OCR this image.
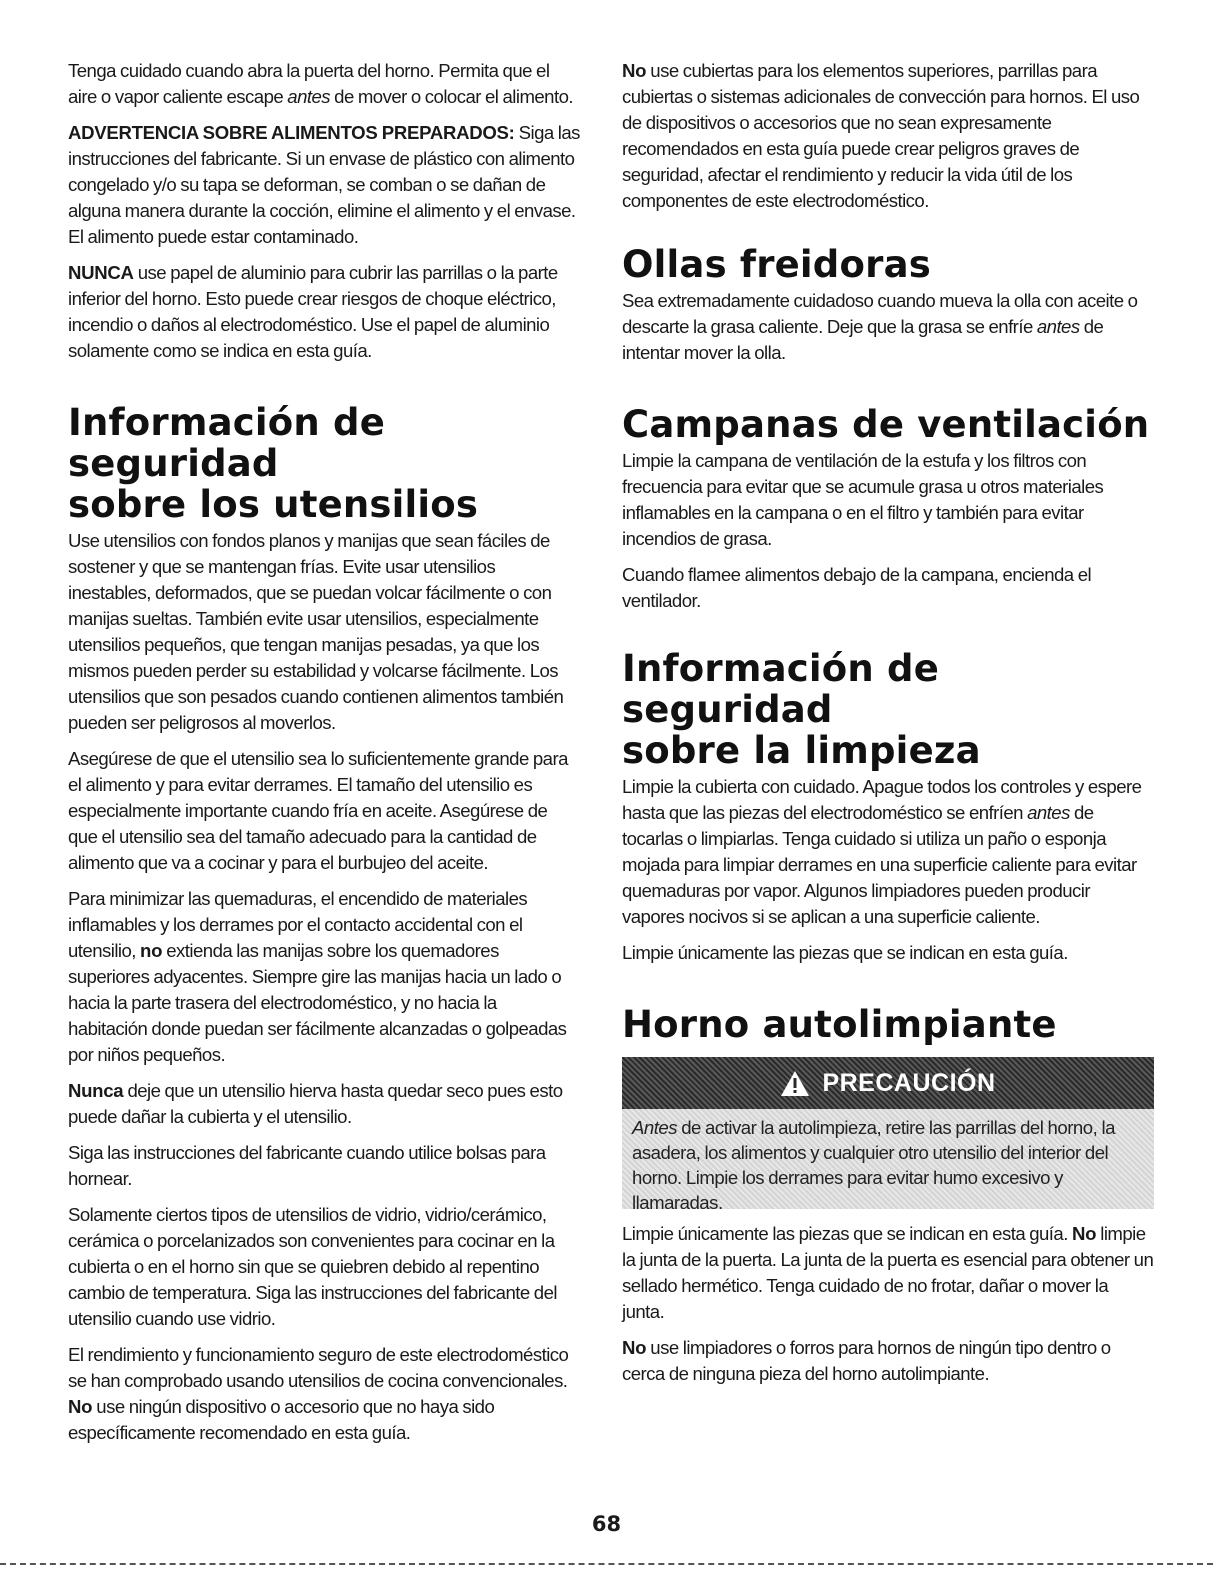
Tenga cuidado cuando abra la puerta del horno. Permita que el aire o vapor caliente escape antes de mover o colocar el alimento.

ADVERTENCIA SOBRE ALIMENTOS PREPARADOS: Siga las instrucciones del fabricante. Si un envase de plástico con alimento congelado y/o su tapa se deforman, se comban o se dañan de alguna manera durante la cocción, elimine el alimento y el envase. El alimento puede estar contaminado.

NUNCA use papel de aluminio para cubrir las parrillas o la parte inferior del horno. Esto puede crear riesgos de choque eléctrico, incendio o daños al electrodoméstico. Use el papel de aluminio solamente como se indica en esta guía.

Información de seguridad
sobre los utensilios

Use utensilios con fondos planos y manijas que sean fáciles de sostener y que se mantengan frías. Evite usar utensilios inestables, deformados, que se puedan volcar fácilmente o con manijas sueltas. También evite usar utensilios, especialmente utensilios pequeños, que tengan manijas pesadas, ya que los mismos pueden perder su estabilidad y volcarse fácilmente. Los utensilios que son pesados cuando contienen alimentos también pueden ser peligrosos al moverlos.

Asegúrese de que el utensilio sea lo suficientemente grande para el alimento y para evitar derrames. El tamaño del utensilio es especialmente importante cuando fría en aceite. Asegúrese de que el utensilio sea del tamaño adecuado para la cantidad de alimento que va a cocinar y para el burbujeo del aceite.

Para minimizar las quemaduras, el encendido de materiales inflamables y los derrames por el contacto accidental con el utensilio, no extienda las manijas sobre los quemadores superiores adyacentes. Siempre gire las manijas hacia un lado o hacia la parte trasera del electrodoméstico, y no hacia la habitación donde puedan ser fácilmente alcanzadas o golpeadas por niños pequeños.

Nunca deje que un utensilio hierva hasta quedar seco pues esto puede dañar la cubierta y el utensilio.

Siga las instrucciones del fabricante cuando utilice bolsas para hornear.

Solamente ciertos tipos de utensilios de vidrio, vidrio/cerámico, cerámica o porcelanizados son convenientes para cocinar en la cubierta o en el horno sin que se quiebren debido al repentino cambio de temperatura. Siga las instrucciones del fabricante del utensilio cuando use vidrio.

El rendimiento y funcionamiento seguro de este electrodoméstico se han comprobado usando utensilios de cocina convencionales. No use ningún dispositivo o accesorio que no haya sido específicamente recomendado en esta guía.

No use cubiertas para los elementos superiores, parrillas para cubiertas o sistemas adicionales de convección para hornos. El uso de dispositivos o accesorios que no sean expresamente recomendados en esta guía puede crear peligros graves de seguridad, afectar el rendimiento y reducir la vida útil de los componentes de este electrodoméstico.

Ollas freidoras

Sea extremadamente cuidadoso cuando mueva la olla con aceite o descarte la grasa caliente. Deje que la grasa se enfríe antes de intentar mover la olla.

Campanas de ventilación

Limpie la campana de ventilación de la estufa y los filtros con frecuencia para evitar que se acumule grasa u otros materiales inflamables en la campana o en el filtro y también para evitar incendios de grasa.

Cuando flamee alimentos debajo de la campana, encienda el ventilador.

Información de seguridad
sobre la limpieza

Limpie la cubierta con cuidado. Apague todos los controles y espere hasta que las piezas del electrodoméstico se enfríen antes de tocarlas o limpiarlas. Tenga cuidado si utiliza un paño o esponja mojada para limpiar derrames en una superficie caliente para evitar quemaduras por vapor. Algunos limpiadores pueden producir vapores nocivos si se aplican a una superficie caliente.

Limpie únicamente las piezas que se indican en esta guía.

Horno autolimpiante
PRECAUCIÓN
Antes de activar la autolimpieza, retire las parrillas del horno, la asadera, los alimentos y cualquier otro utensilio del interior del horno. Limpie los derrames para evitar humo excesivo y llamaradas.

Limpie únicamente las piezas que se indican en esta guía. No limpie la junta de la puerta. La junta de la puerta es esencial para obtener un sellado hermético. Tenga cuidado de no frotar, dañar o mover la junta.

No use limpiadores o forros para hornos de ningún tipo dentro o cerca de ninguna pieza del horno autolimpiante.

68
